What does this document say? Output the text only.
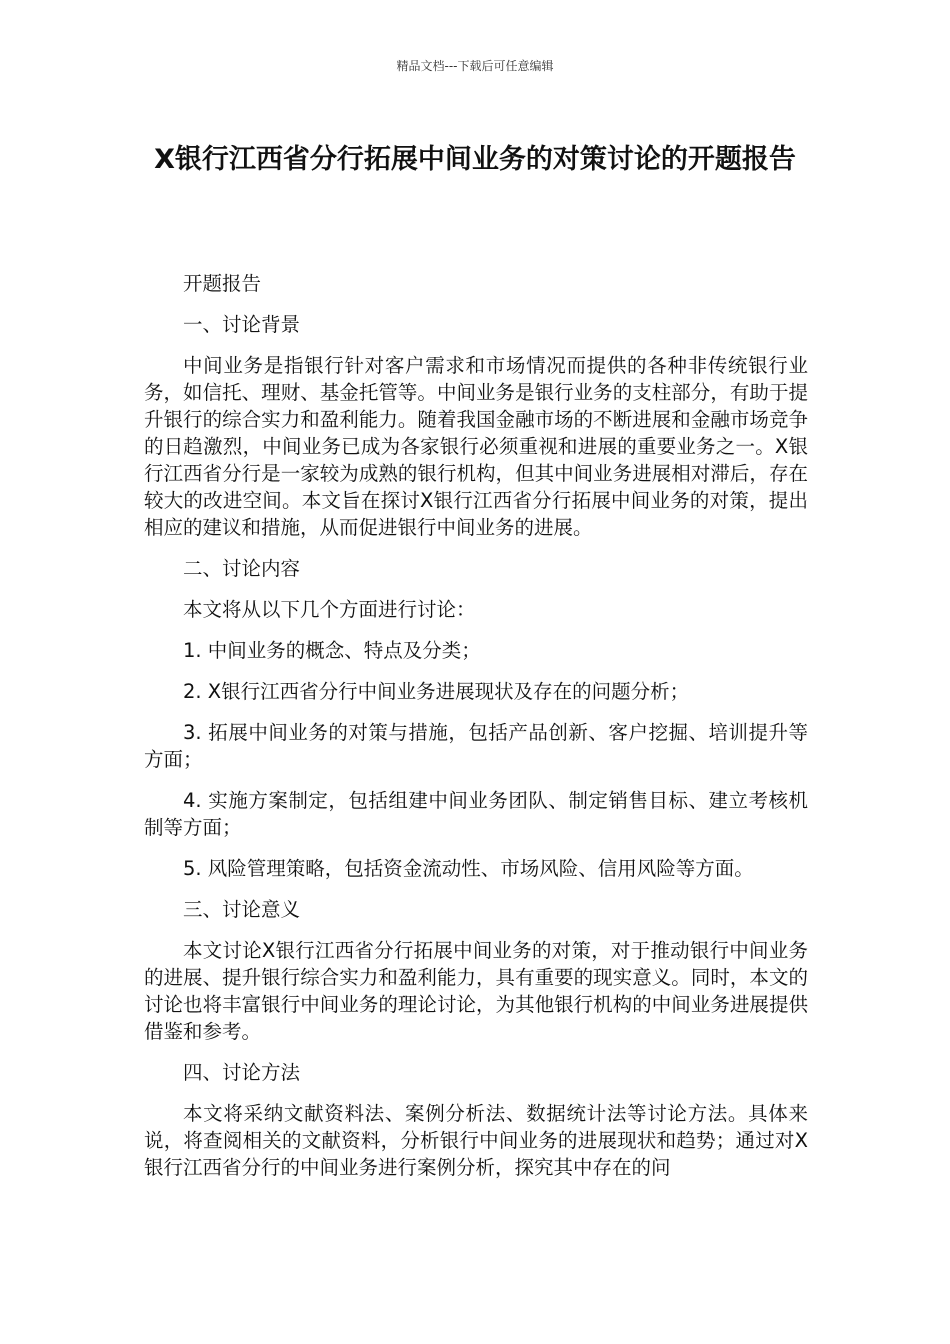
精品文档---下载后可任意编辑
X银行江西省分行拓展中间业务的对策讨论的开题报告

开题报告

一、讨论背景

中间业务是指银行针对客户需求和市场情况而提供的各种非传统银行业务，如信托、理财、基金托管等。中间业务是银行业务的支柱部分，有助于提升银行的综合实力和盈利能力。随着我国金融市场的不断进展和金融市场竞争的日趋激烈，中间业务已成为各家银行必须重视和进展的重要业务之一。X银行江西省分行是一家较为成熟的银行机构，但其中间业务进展相对滞后，存在较大的改进空间。本文旨在探讨X银行江西省分行拓展中间业务的对策，提出相应的建议和措施，从而促进银行中间业务的进展。

二、讨论内容

本文将从以下几个方面进行讨论：

1. 中间业务的概念、特点及分类；

2. X银行江西省分行中间业务进展现状及存在的问题分析；

3. 拓展中间业务的对策与措施，包括产品创新、客户挖掘、培训提升等方面；

4. 实施方案制定，包括组建中间业务团队、制定销售目标、建立考核机制等方面；

5. 风险管理策略，包括资金流动性、市场风险、信用风险等方面。

三、讨论意义

本文讨论X银行江西省分行拓展中间业务的对策，对于推动银行中间业务的进展、提升银行综合实力和盈利能力，具有重要的现实意义。同时，本文的讨论也将丰富银行中间业务的理论讨论，为其他银行机构的中间业务进展提供借鉴和参考。

四、讨论方法

本文将采纳文献资料法、案例分析法、数据统计法等讨论方法。具体来说，将查阅相关的文献资料，分析银行中间业务的进展现状和趋势；通过对X银行江西省分行的中间业务进行案例分析，探究其中存在的问
